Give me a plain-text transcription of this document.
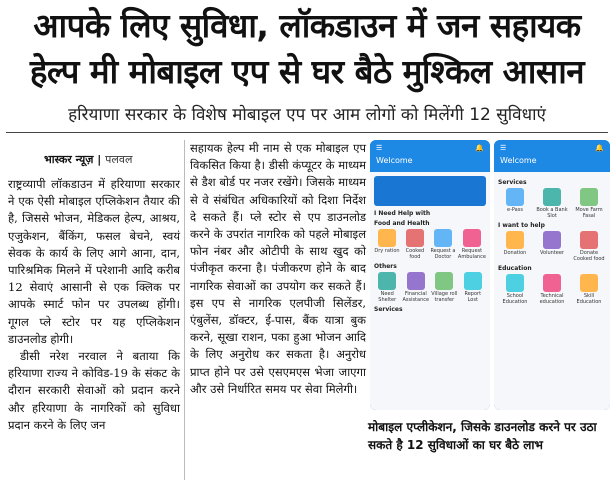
आपके लिए सुविधा, लॉकडाउन में जन सहायक
हेल्प मी मोबाइल एप से घर बैठे मुश्किल आसान
हरियाणा सरकार के विशेष मोबाइल एप पर आम लोगों को मिलेंगी 12 सुविधाएं
भास्कर न्यूज़ | पलवल

राष्ट्रव्यापी लॉकडाउन में हरियाणा सरकार ने एक ऐसी मोबाइल एप्लिकेशन तैयार की है, जिससे भोजन, मेडिकल हेल्प, आश्रय, एजुकेशन, बैंकिंग, फसल बेचने, स्वयं सेवक के कार्य के लिए आगे आना, दान, पारिश्रमिक मिलने में परेशानी आदि करीब 12 सेवाएं आसानी से एक क्लिक पर आपके स्मार्ट फोन पर उपलब्ध होंगी। गूगल प्ले स्टोर पर यह एप्लिकेशन डाउनलोड होगी।

डीसी नरेश नरवाल ने बताया कि हरियाणा राज्य ने कोविड-19 के संकट के दौरान सरकारी सेवाओं को प्रदान करने और हरियाणा के नागरिकों को सुविधा प्रदान करने के लिए जन

सहायक हेल्प मी नाम से एक मोबाइल एप विकसित किया है। डीसी कंप्यूटर के माध्यम से डैश बोर्ड पर नजर रखेंगे। जिसके माध्यम से वे संबंधित अधिकारियों को दिशा निर्देश दे सकते हैं। प्ले स्टोर से एप डाउनलोड करने के उपरांत नागरिक को पहले मोबाइल फोन नंबर और ओटीपी के साथ खुद को पंजीकृत करना है। पंजीकरण होने के बाद नागरिक सेवाओं का उपयोग कर सकते हैं। इस एप से नागरिक एलपीजी सिलेंडर, एंबुलेंस, डॉक्टर, ई-पास, बैंक यात्रा बुक करने, सूखा राशन, पका हुआ भोजन आदि के लिए अनुरोध कर सकता है। अनुरोध प्राप्त होने पर उसे एसएमएस भेजा जाएगा और उसे निर्धारित समय पर सेवा मिलेगी।

☰	🔔
Welcome
I Need Help with
Food and Health
Dry ration	Cooked food
Request a Doctor
Request Ambulance
Others
Need Shelter
Financial Assistance
Village roll transfer
Report Lost
Services
☰	🔔
Welcome
Services
e-Pass	Book a Bank Slot
Move Farm Fasal
I want to help
Donation	Volunteer	Donate Cooked food
Education
School Education
Technical education
Skill Education
मोबाइल एप्लीकेशन, जिसके डाउनलोड करने पर उठा सकते है 12 सुविधाओं का घर बैठे लाभ
